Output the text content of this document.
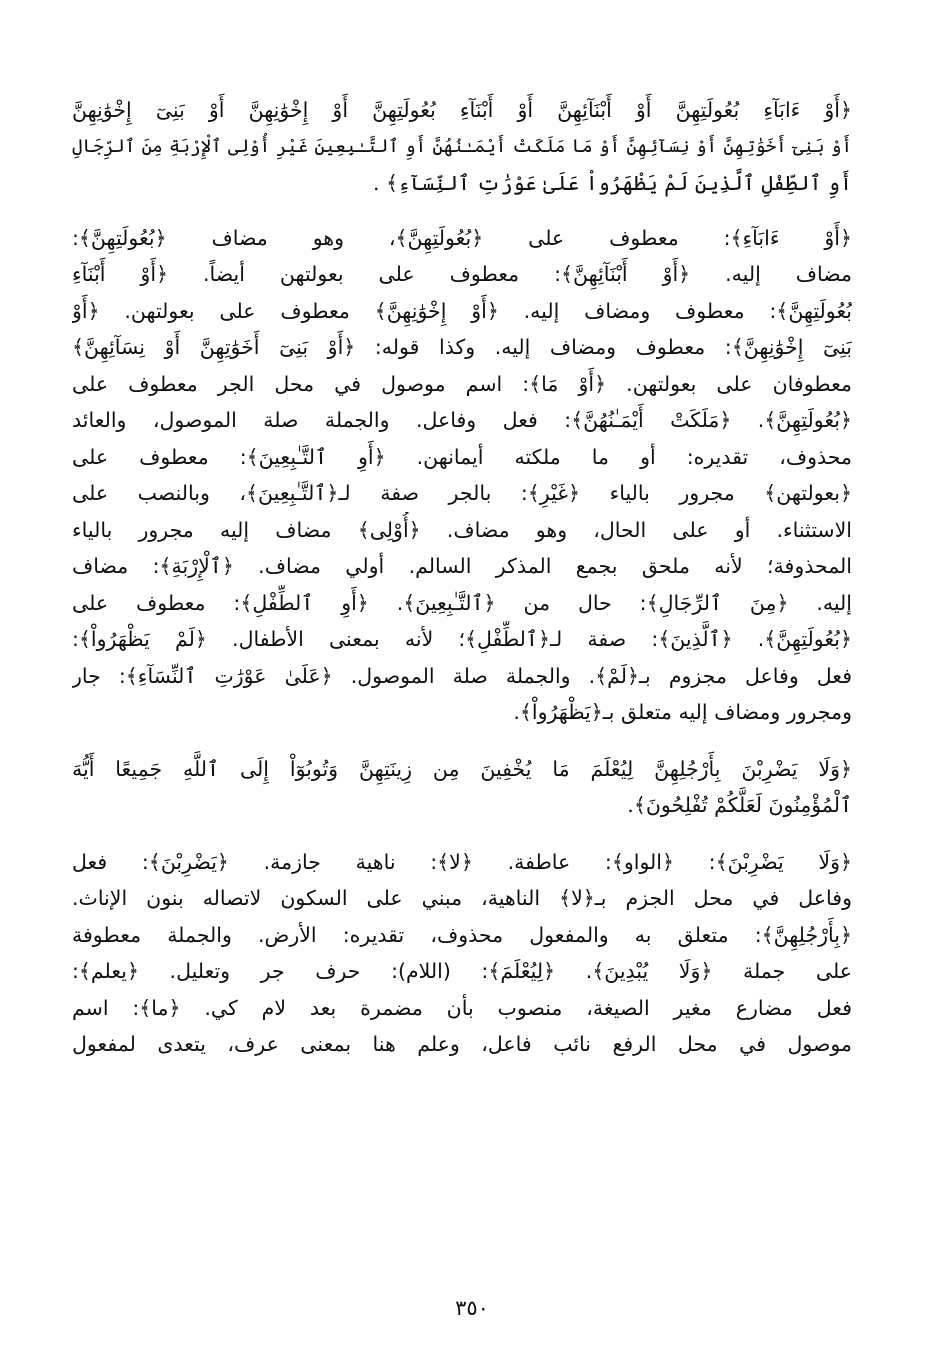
﴿أَوْ ءَابَآءِ بُعُولَتِهِنَّ أَوْ أَبْنَآئِهِنَّ أَوْ أَبْنَآءِ بُعُولَتِهِنَّ أَوْ إِخْوَٰنِهِنَّ أَوْ بَنِىٓ إِخْوَٰنِهِنَّ
أَوْ بَنِىٓ أَخَوَٰتِهِنَّ أَوْ نِسَآئِهِنَّ أَوْ مَا مَلَكَتْ أَيْمَـٰنُهُنَّ أَوِ ٱلتَّـٰبِعِينَ غَيْرِ أُوْلِى ٱلْإِرْبَةِ مِنَ ٱلرِّجَالِ
أَوِ ٱلطِّفْلِ ٱلَّذِينَ لَمْ يَظْهَرُواْ عَلَىٰ عَوْرَٰتِ ٱلنِّسَآءِ﴾ .
﴿أَوْ ءَابَآءِ﴾: معطوف على ﴿بُعُولَتِهِنَّ﴾، وهو مضاف ﴿بُعُولَتِهِنَّ﴾:
مضاف إليه. ﴿أَوْ أَبْنَآئِهِنَّ﴾: معطوف على بعولتهن أيضاً. ﴿أَوْ أَبْنَآءِ
بُعُولَتِهِنَّ﴾: معطوف ومضاف إليه. ﴿أَوْ إِخْوَٰنِهِنَّ﴾ معطوف على بعولتهن. ﴿أَوْ
بَنِىٓ إِخْوَٰنِهِنَّ﴾: معطوف ومضاف إليه. وكذا قوله: ﴿أَوْ بَنِىٓ أَخَوَٰتِهِنَّ أَوْ نِسَآئِهِنَّ﴾
معطوفان على بعولتهن. ﴿أَوْ مَا﴾: اسم موصول في محل الجر معطوف على
﴿بُعُولَتِهِنَّ﴾. ﴿مَلَكَتْ أَيْمَـٰنُهُنَّ﴾: فعل وفاعل. والجملة صلة الموصول، والعائد
محذوف، تقديره: أو ما ملكته أيمانهن. ﴿أَوِ ٱلتَّـٰبِعِينَ﴾: معطوف على
﴿بعولتهن﴾ مجرور بالياء ﴿غَيْرِ﴾: بالجر صفة لـ﴿ٱلتَّـٰبِعِينَ﴾، وبالنصب على
الاستثناء. أو على الحال، وهو مضاف. ﴿أُوْلِى﴾ مضاف إليه مجرور بالياء
المحذوفة؛ لأنه ملحق بجمع المذكر السالم. أولي مضاف. ﴿ٱلْإِرْبَةِ﴾: مضاف
إليه. ﴿مِنَ ٱلرِّجَالِ﴾: حال من ﴿ٱلتَّـٰبِعِينَ﴾. ﴿أَوِ ٱلطِّفْلِ﴾: معطوف على
﴿بُعُولَتِهِنَّ﴾. ﴿ٱلَّذِينَ﴾: صفة لـ﴿ٱلطِّفْلِ﴾؛ لأنه بمعنى الأطفال. ﴿لَمْ يَظْهَرُواْ﴾:
فعل وفاعل مجزوم بـ﴿لَمْ﴾. والجملة صلة الموصول. ﴿عَلَىٰ عَوْرَٰتِ ٱلنِّسَآءِ﴾: جار
ومجرور ومضاف إليه متعلق بـ﴿يَظْهَرُواْ﴾.
﴿وَلَا يَضْرِبْنَ بِأَرْجُلِهِنَّ لِيُعْلَمَ مَا يُخْفِينَ مِن زِينَتِهِنَّ وَتُوبُوٓاْ إِلَى ٱللَّهِ جَمِيعًا أَيُّهَ
ٱلْمُؤْمِنُونَ لَعَلَّكُمْ تُفْلِحُونَ﴾.
﴿وَلَا يَضْرِبْنَ﴾: ﴿الواو﴾: عاطفة. ﴿لا﴾: ناهية جازمة. ﴿يَضْرِبْنَ﴾: فعل
وفاعل في محل الجزم بـ﴿لا﴾ الناهية، مبني على السكون لاتصاله بنون الإناث.
﴿بِأَرْجُلِهِنَّ﴾: متعلق به والمفعول محذوف، تقديره: الأرض. والجملة معطوفة
على جملة ﴿وَلَا يُبْدِينَ﴾. ﴿لِيُعْلَمَ﴾: (اللام): حرف جر وتعليل. ﴿يعلم﴾:
فعل مضارع مغير الصيغة، منصوب بأن مضمرة بعد لام كي. ﴿ما﴾: اسم
موصول في محل الرفع نائب فاعل، وعلم هنا بمعنى عرف، يتعدى لمفعول
٣٥٠
